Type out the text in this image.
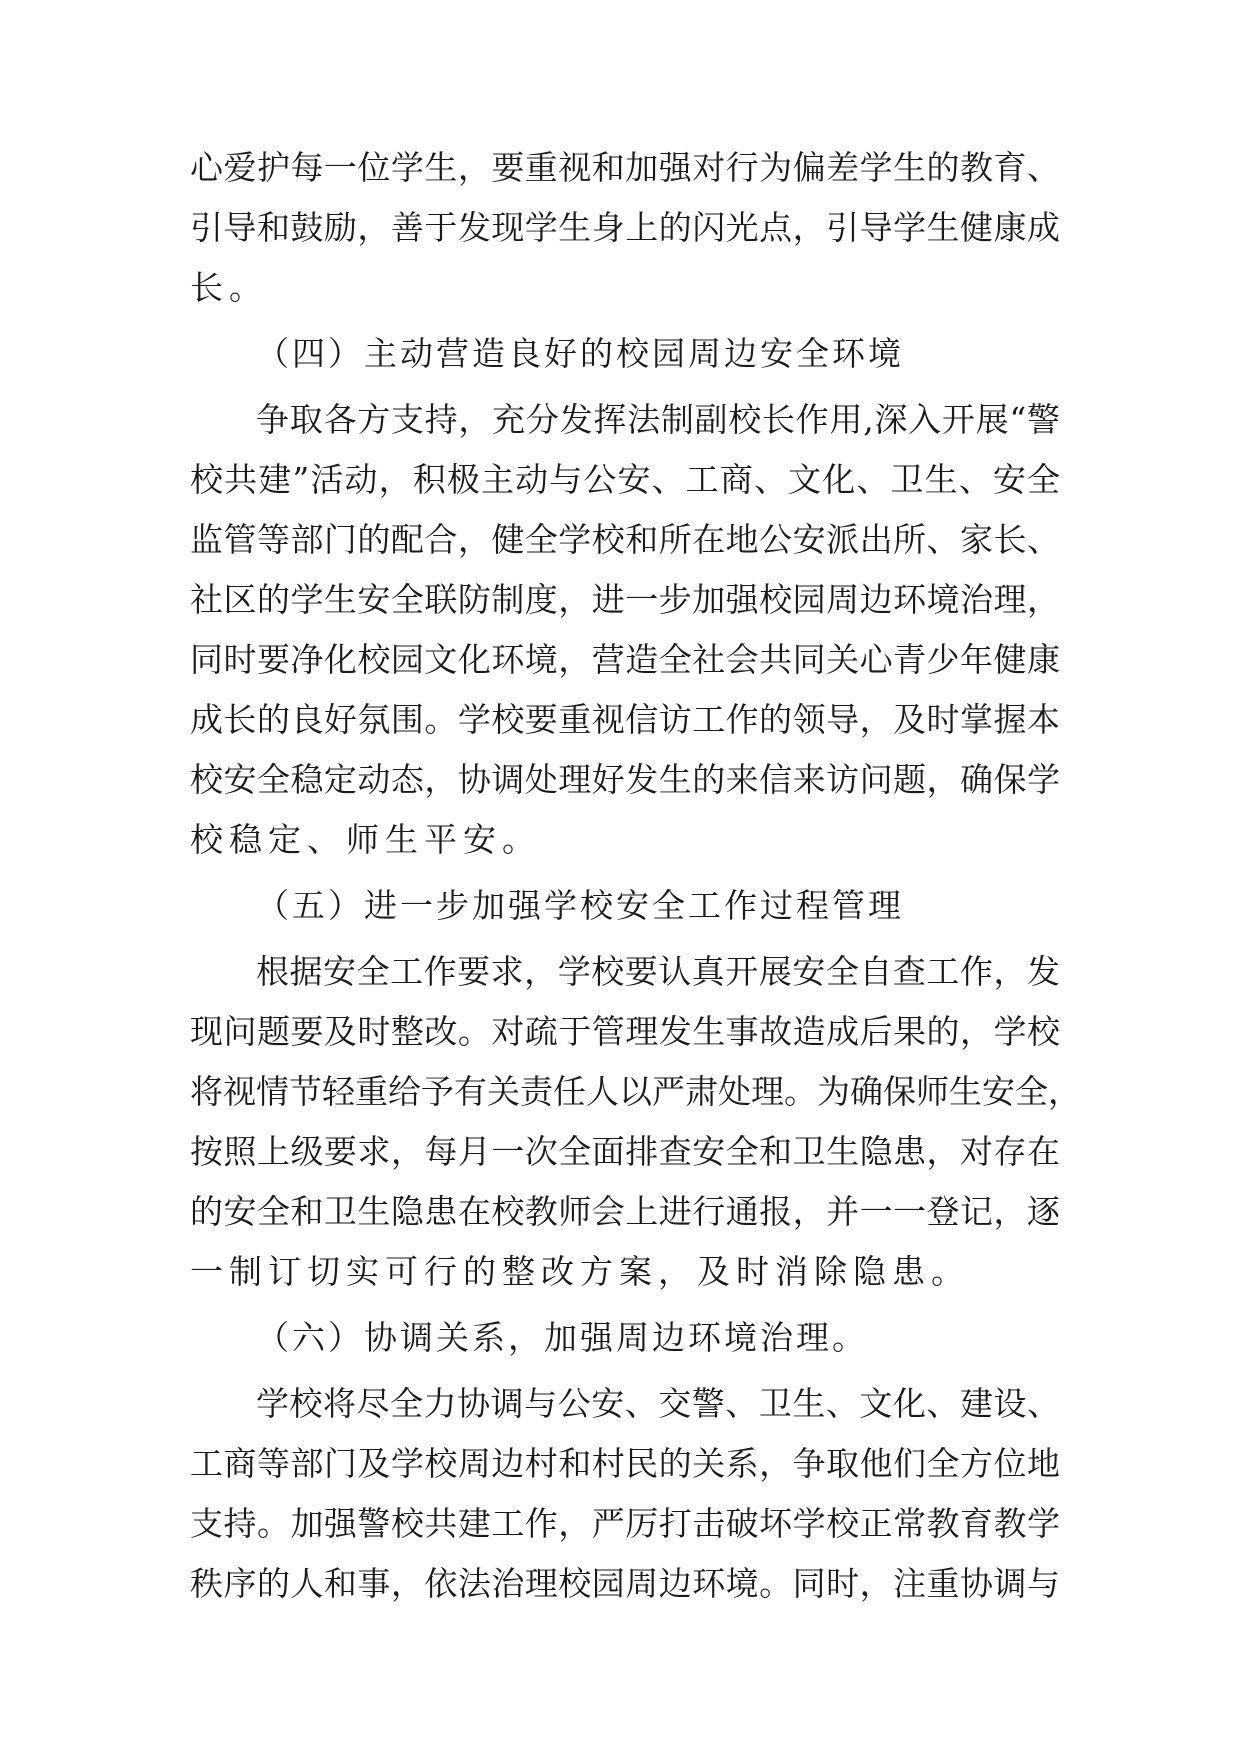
心爱护每一位学生，要重视和加强对行为偏差学生的教育、
引导和鼓励，善于发现学生身上的闪光点，引导学生健康成
长。
（四）主动营造良好的校园周边安全环境
争取各方支持，充分发挥法制副校长作用,深入开展“警
校共建”活动，积极主动与公安、工商、文化、卫生、安全
监管等部门的配合，健全学校和所在地公安派出所、家长、
社区的学生安全联防制度，进一步加强校园周边环境治理，
同时要净化校园文化环境，营造全社会共同关心青少年健康
成长的良好氛围。学校要重视信访工作的领导，及时掌握本
校安全稳定动态，协调处理好发生的来信来访问题，确保学
校稳定、师生平安。
（五）进一步加强学校安全工作过程管理
根据安全工作要求，学校要认真开展安全自查工作，发
现问题要及时整改。对疏于管理发生事故造成后果的，学校
将视情节轻重给予有关责任人以严肃处理。为确保师生安全，
按照上级要求，每月一次全面排查安全和卫生隐患，对存在
的安全和卫生隐患在校教师会上进行通报，并一一登记，逐
一制订切实可行的整改方案，及时消除隐患。
（六）协调关系，加强周边环境治理。
学校将尽全力协调与公安、交警、卫生、文化、建设、
工商等部门及学校周边村和村民的关系，争取他们全方位地
支持。加强警校共建工作，严厉打击破坏学校正常教育教学
秩序的人和事，依法治理校园周边环境。同时，注重协调与
